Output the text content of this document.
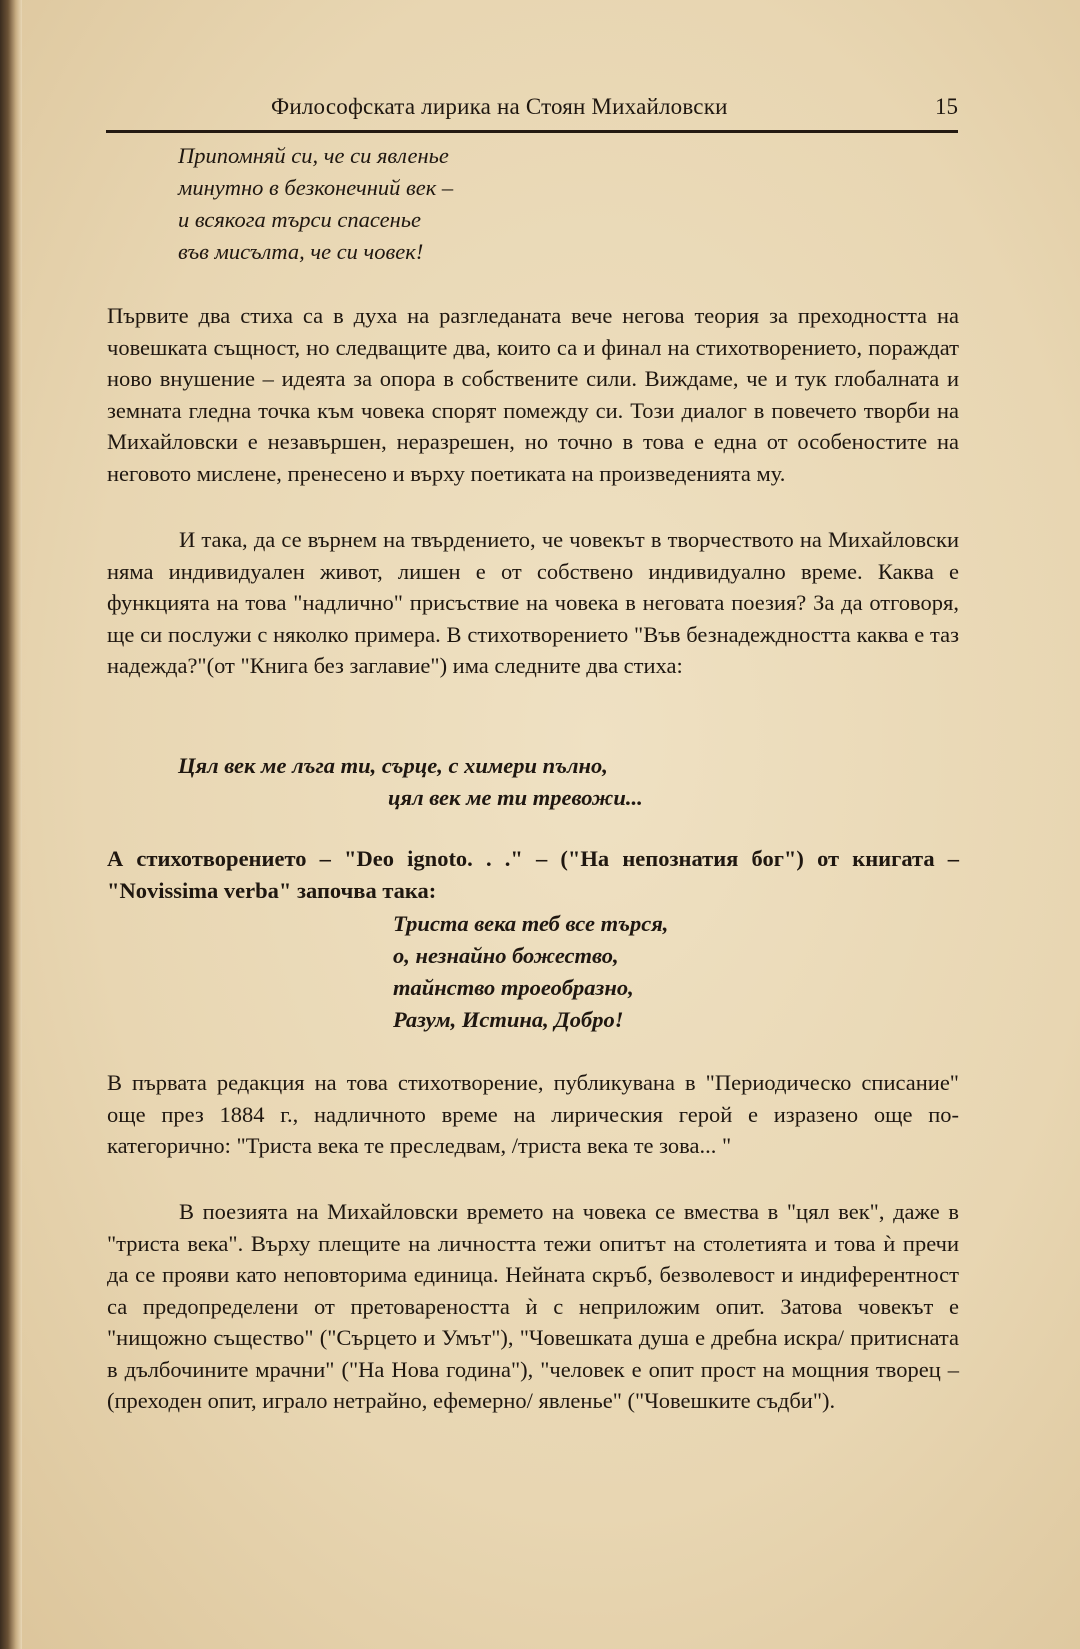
Философската лирика на Стоян Михайловски	15
Припомняй си, че си явленье
минутно в безконечний век –
и всякога търси спасенье
във мисълта, че си човек!

Първите два стиха са в духа на разгледаната вече негова теория за преходността на човешката същност, но следващите два, които са и финал на стихотворението, пораждат ново внушение – идеята за опора в собствените сили. Виждаме, че и тук глобалната и земната гледна точка към човека спорят помежду си. Този диалог в повечето творби на Михайловски е незавършен, неразрешен, но точно в това е една от особеностите на неговото мислене, пренесено и върху поетиката на произведенията му.

И така, да се върнем на твърдението, че човекът в творчеството на Михайловски няма индивидуален живот, лишен е от собствено индивидуално време. Каква е функцията на това "надлично" присъствие на човека в неговата поезия? За да отговоря, ще си послужи с няколко примера. В стихотворението "Във безнадеждността каква е таз надежда?"(от "Книга без заглавие") има следните два стиха:

Цял век ме лъга ти, сърце, с химери пълно,
цял век ме ти тревожи...

А стихотворението – "Deo ignoto. . ." – ("На непознатия бог") от книгата – "Novissima verba" започва така:

Триста века теб все търся,
о, незнайно божество,
тайнство троеобразно,
Разум, Истина, Добро!

В първата редакция на това стихотворение, публикувана в "Периодическо списание" още през 1884 г., надличното време на лирическия герой е изразено още по-категорично: "Триста века те преследвам, /триста века те зова... "

В поезията на Михайловски времето на човека се вмества в "цял век", даже в "триста века". Върху плещите на личността тежи опитът на столетията и това ѝ пречи да се прояви като неповторима единица. Нейната скръб, безволевост и индиферентност са предопределени от претовареността ѝ с неприложим опит. Затова човекът е "нищожно същество" ("Сърцето и Умът"), "Човешката душа е дребна искра/ притисната в дълбочините мрачни" ("На Нова година"), "человек е опит прост на мощния творец – (преходен опит, играло нетрайно, ефемерно/ явленье" ("Човешките съдби").
